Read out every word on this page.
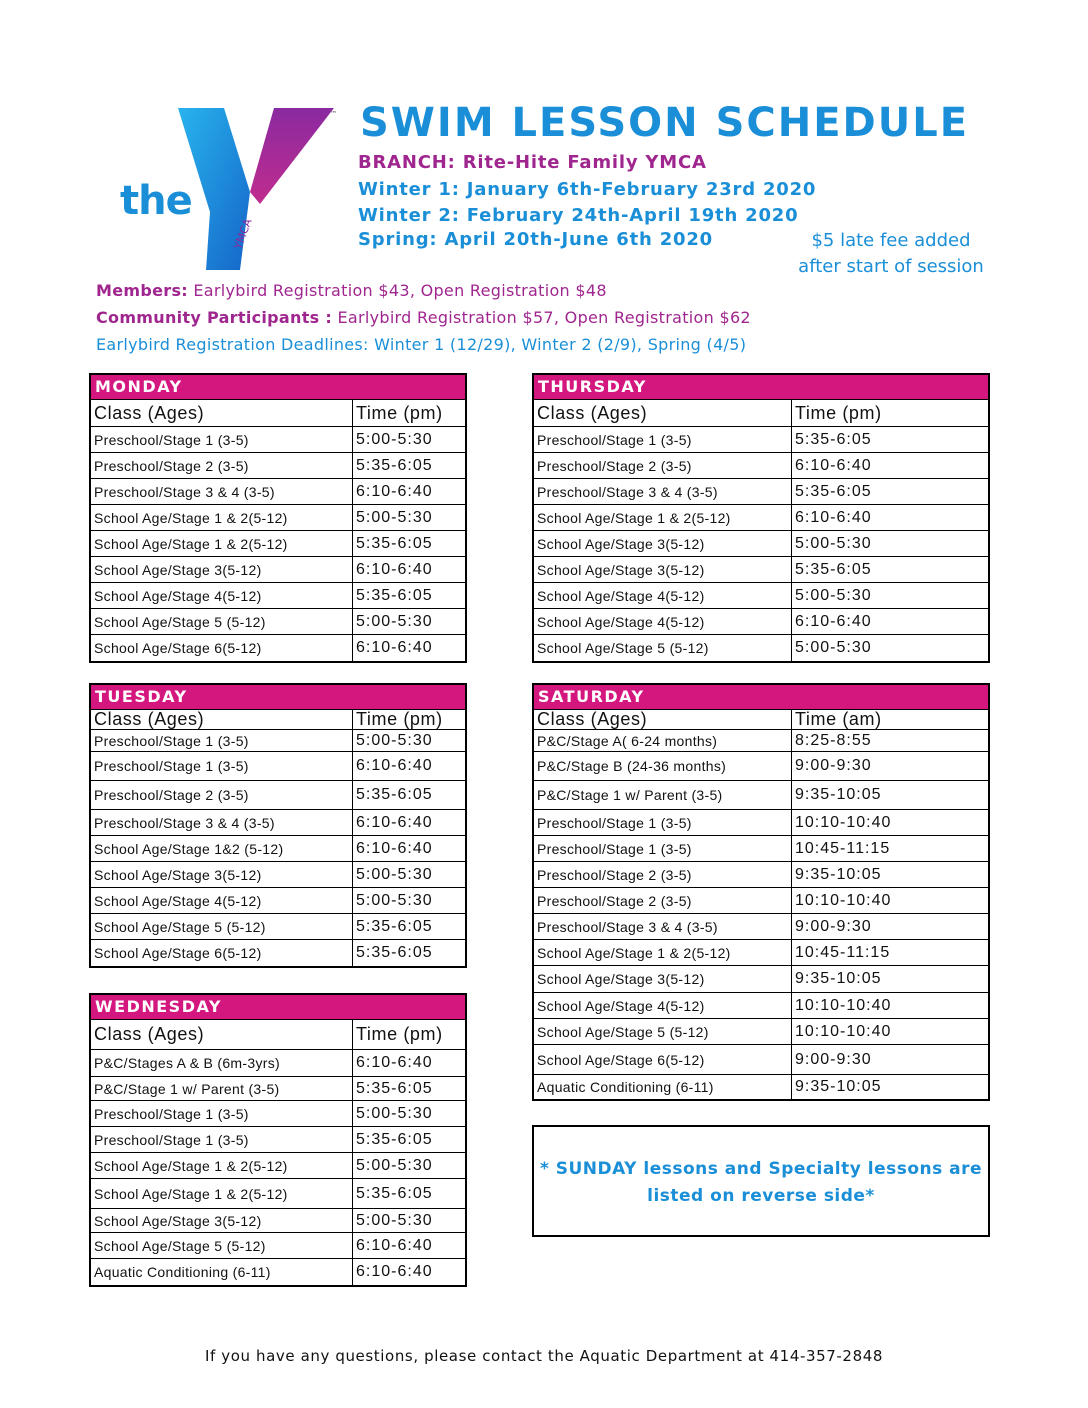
YMCA
™
the
SWIM LESSON SCHEDULE
BRANCH: Rite-Hite Family YMCA
Winter 1: January 6th-February 23rd 2020
Winter 2: February 24th-April 19th 2020
Spring: April 20th-June 6th 2020	$5 late fee added after start of session
Members: Earlybird Registration $43, Open Registration $48
Community Participants : Earlybird Registration $57, Open Registration $62
Earlybird Registration Deadlines: Winter 1 (12/29), Winter 2 (2/9), Spring (4/5)
MONDAY
Class (Ages)	Time (pm)
Preschool/Stage 1 (3-5)	5:00-5:30
Preschool/Stage 2 (3-5)	5:35-6:05
Preschool/Stage 3 & 4 (3-5)	6:10-6:40
School Age/Stage 1 & 2(5-12)	5:00-5:30
School Age/Stage 1 & 2(5-12)	5:35-6:05
School Age/Stage 3(5-12)	6:10-6:40
School Age/Stage 4(5-12)	5:35-6:05
School Age/Stage 5 (5-12)	5:00-5:30
School Age/Stage 6(5-12)	6:10-6:40
THURSDAY
Class (Ages)	Time (pm)
Preschool/Stage 1 (3-5)	5:35-6:05
Preschool/Stage 2 (3-5)	6:10-6:40
Preschool/Stage 3 & 4 (3-5)	5:35-6:05
School Age/Stage 1 & 2(5-12)	6:10-6:40
School Age/Stage 3(5-12)	5:00-5:30
School Age/Stage 3(5-12)	5:35-6:05
School Age/Stage 4(5-12)	5:00-5:30
School Age/Stage 4(5-12)	6:10-6:40
School Age/Stage 5 (5-12)	5:00-5:30
TUESDAY
Class (Ages)	Time (pm)
Preschool/Stage 1 (3-5)	5:00-5:30
Preschool/Stage 1 (3-5)	6:10-6:40
Preschool/Stage 2 (3-5)	5:35-6:05
Preschool/Stage 3 & 4 (3-5)	6:10-6:40
School Age/Stage 1&2 (5-12)	6:10-6:40
School Age/Stage 3(5-12)	5:00-5:30
School Age/Stage 4(5-12)	5:00-5:30
School Age/Stage 5 (5-12)	5:35-6:05
School Age/Stage 6(5-12)	5:35-6:05
SATURDAY
Class (Ages)	Time (am)
P&C/Stage A( 6-24 months)	8:25-8:55
P&C/Stage B (24-36 months)	9:00-9:30
P&C/Stage 1 w/ Parent (3-5)	9:35-10:05
Preschool/Stage 1 (3-5)	10:10-10:40
Preschool/Stage 1 (3-5)	10:45-11:15
Preschool/Stage 2 (3-5)	9:35-10:05
Preschool/Stage 2 (3-5)	10:10-10:40
Preschool/Stage 3 & 4 (3-5)	9:00-9:30
School Age/Stage 1 & 2(5-12)	10:45-11:15
School Age/Stage 3(5-12)	9:35-10:05
School Age/Stage 4(5-12)	10:10-10:40
School Age/Stage 5 (5-12)	10:10-10:40
School Age/Stage 6(5-12)	9:00-9:30
Aquatic Conditioning (6-11)	9:35-10:05
WEDNESDAY
Class (Ages)	Time (pm)
P&C/Stages A & B (6m-3yrs)	6:10-6:40
P&C/Stage 1 w/ Parent (3-5)	5:35-6:05
Preschool/Stage 1 (3-5)	5:00-5:30
Preschool/Stage 1 (3-5)	5:35-6:05
School Age/Stage 1 & 2(5-12)	5:00-5:30
School Age/Stage 1 & 2(5-12)	5:35-6:05
School Age/Stage 3(5-12)	5:00-5:30
School Age/Stage 5 (5-12)	6:10-6:40
Aquatic Conditioning (6-11)	6:10-6:40
* SUNDAY lessons and Specialty lessons are listed on reverse side*
If you have any questions, please contact the Aquatic Department at 414-357-2848
